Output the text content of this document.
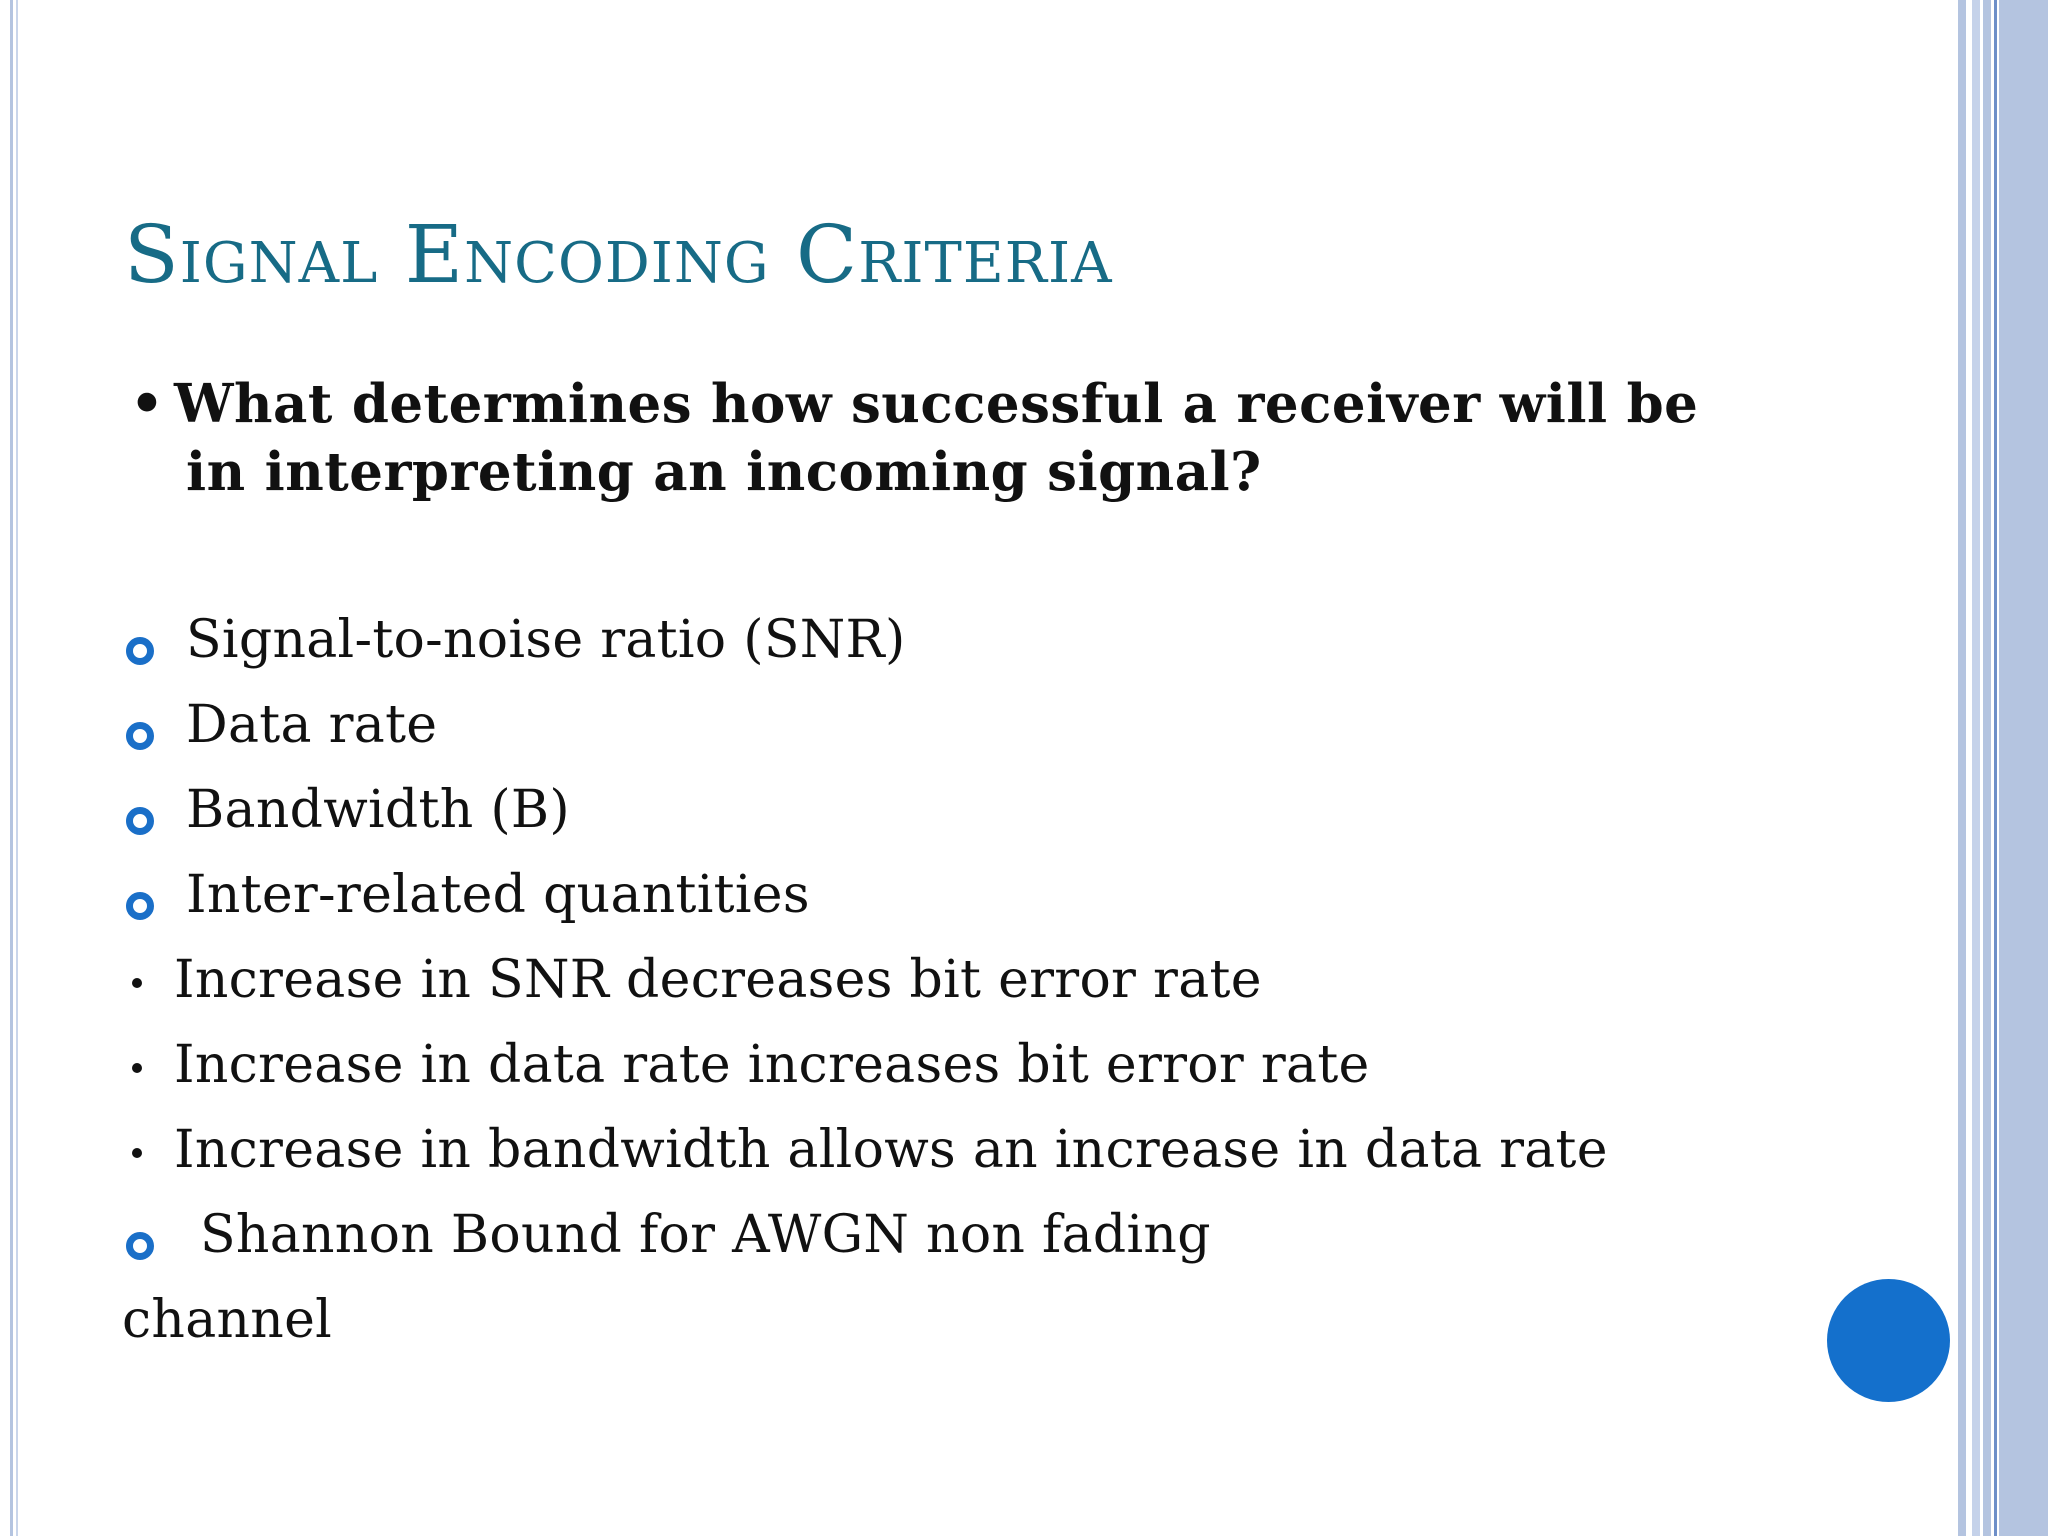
Signal Encoding Criteria
• What determines how successful a receiver will be in interpreting an incoming signal?
Signal-to-noise ratio (SNR)
Data rate
Bandwidth (B)
Inter-related quantities
Increase in SNR decreases bit error rate
Increase in data rate increases bit error rate
Increase in bandwidth allows an increase in data rate
Shannon Bound for AWGN non fading
channel
